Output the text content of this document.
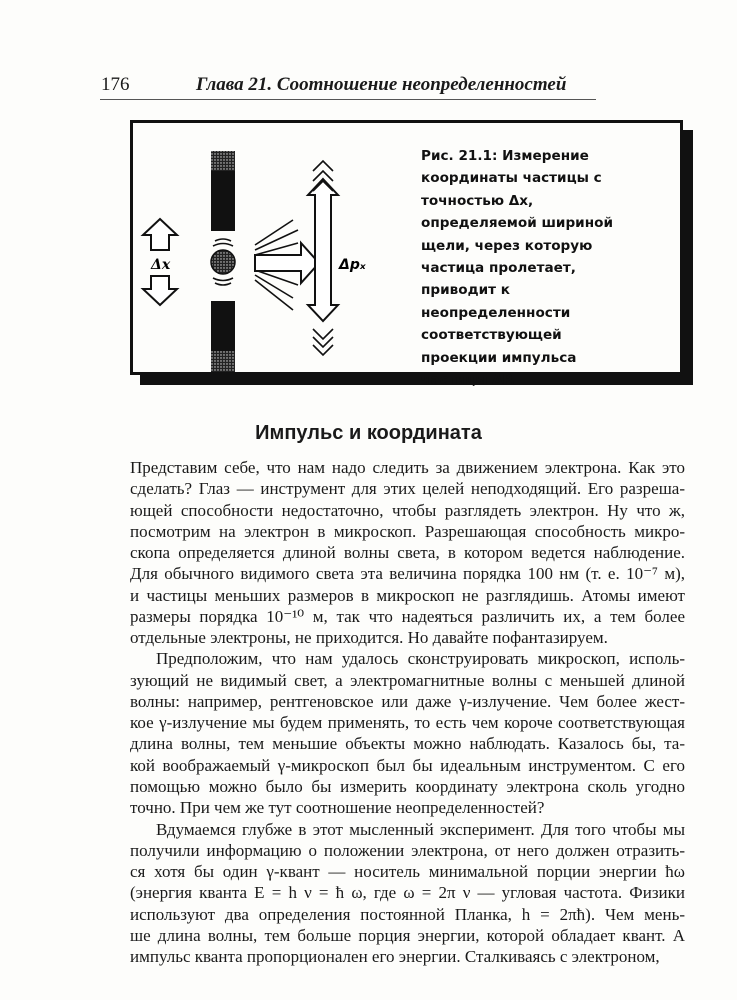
176	Глава 21. Соотношение неопределенностей
Δx	Δpₓ
Рис. 21.1: Измерение
координаты частицы с
точностью Δx,
определяемой шириной
щели, через которую
частица пролетает,
приводит к
неопределенности
соответствующей
проекции импульса
частицы ΔP.
Импульс и координата
Представим себе, что нам надо следить за движением электрона. Как это
сделать? Глаз — инструмент для этих целей неподходящий. Его разреша-
ющей способности недостаточно, чтобы разглядеть электрон. Ну что ж,
посмотрим на электрон в микроскоп. Разрешающая способность микро-
скопа определяется длиной волны света, в котором ведется наблюдение.
Для обычного видимого света эта величина порядка 100 нм (т. е. 10⁻⁷ м),
и частицы меньших размеров в микроскоп не разглядишь. Атомы имеют
размеры порядка 10⁻¹⁰ м, так что надеяться различить их, а тем более
отдельные электроны, не приходится. Но давайте пофантазируем.
Предположим, что нам удалось сконструировать микроскоп, исполь-
зующий не видимый свет, а электромагнитные волны с меньшей длиной
волны: например, рентгеновское или даже γ-излучение. Чем более жест-
кое γ-излучение мы будем применять, то есть чем короче соответствующая
длина волны, тем меньшие объекты можно наблюдать. Казалось бы, та-
кой воображаемый γ-микроскоп был бы идеальным инструментом. С его
помощью можно было бы измерить координату электрона сколь угодно
точно. При чем же тут соотношение неопределенностей?
Вдумаемся глубже в этот мысленный эксперимент. Для того чтобы мы
получили информацию о положении электрона, от него должен отразить-
ся хотя бы один γ-квант — носитель минимальной порции энергии ħω
(энергия кванта E = h ν = ħ ω, где ω = 2π ν — угловая частота. Физики
используют два определения постоянной Планка, h = 2πħ). Чем мень-
ше длина волны, тем больше порция энергии, которой обладает квант. А
импульс кванта пропорционален его энергии. Сталкиваясь с электроном,
